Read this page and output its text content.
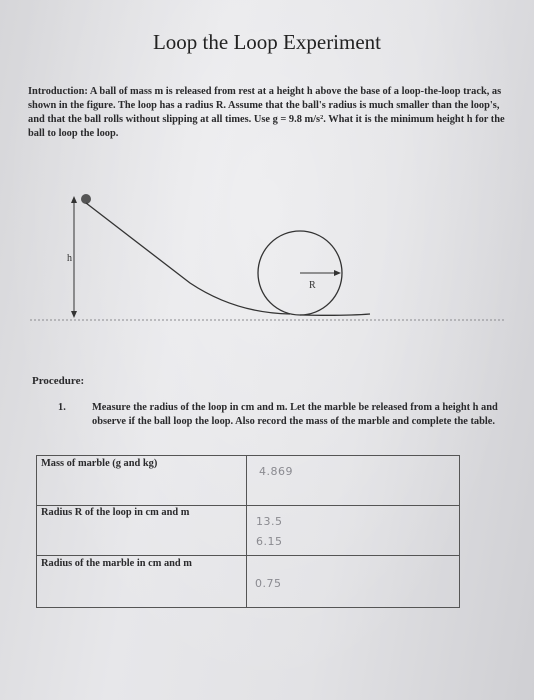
Loop the Loop Experiment
Introduction: A ball of mass m is released from rest at a height h above the base of a loop-the-loop track, as shown in the figure. The loop has a radius R. Assume that the ball's radius is much smaller than the loop's, and that the ball rolls without slipping at all times. Use g = 9.8 m/s². What it is the minimum height h for the ball to loop the loop.
h
R
Procedure:
1.	Measure the radius of the loop in cm and m. Let the marble be released from a height h and observe if the ball loop the loop. Also record the mass of the marble and complete the table.
Mass of marble (g and kg)
4.869
Radius R of the loop in cm and m
13.5
6.15
Radius of the marble in cm and m
0.75
